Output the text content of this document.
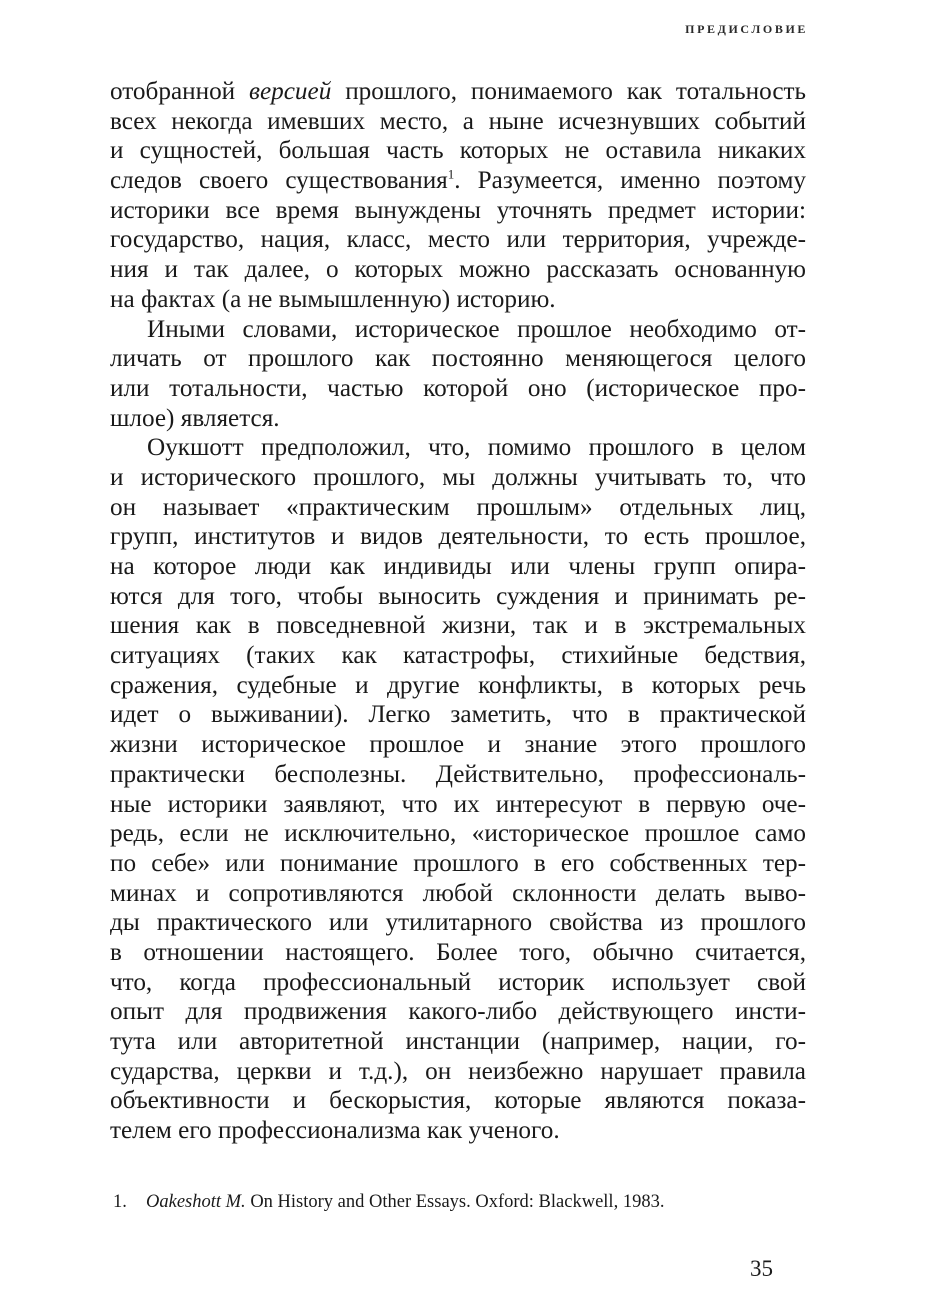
ПРЕДИСЛОВИЕ
отобранной версией прошлого, понимаемого как тотальность
всех некогда имевших место, а ныне исчезнувших событий
и сущностей, большая часть которых не оставила никаких
следов своего существования$^1$. Разумеется, именно поэтому
историки все время вынуждены уточнять предмет истории:
государство, нация, класс, место или территория, учрежде-
ния и так далее, о которых можно рассказать основанную
на фактах (а не вымышленную) историю.
Иными словами, историческое прошлое необходимо от-
личать от прошлого как постоянно меняющегося целого
или тотальности, частью которой оно (историческое про-
шлое) является.
Оукшотт предположил, что, помимо прошлого в целом
и исторического прошлого, мы должны учитывать то, что
он называет «практическим прошлым» отдельных лиц,
групп, институтов и видов деятельности, то есть прошлое,
на которое люди как индивиды или члены групп опира-
ются для того, чтобы выносить суждения и принимать ре-
шения как в повседневной жизни, так и в экстремальных
ситуациях (таких как катастрофы, стихийные бедствия,
сражения, судебные и другие конфликты, в которых речь
идет о выживании). Легко заметить, что в практической
жизни историческое прошлое и знание этого прошлого
практически бесполезны. Действительно, профессиональ-
ные историки заявляют, что их интересуют в первую оче-
редь, если не исключительно, «историческое прошлое само
по себе» или понимание прошлого в его собственных тер-
минах и сопротивляются любой склонности делать выво-
ды практического или утилитарного свойства из прошлого
в отношении настоящего. Более того, обычно считается,
что, когда профессиональный историк использует свой
опыт для продвижения какого-либо действующего инсти-
тута или авторитетной инстанции (например, нации, го-
сударства, церкви и т.д.), он неизбежно нарушает правила
объективности и бескорыстия, которые являются показа-
телем его профессионализма как ученого.
1. Oakeshott M. On History and Other Essays. Oxford: Blackwell, 1983.
35
